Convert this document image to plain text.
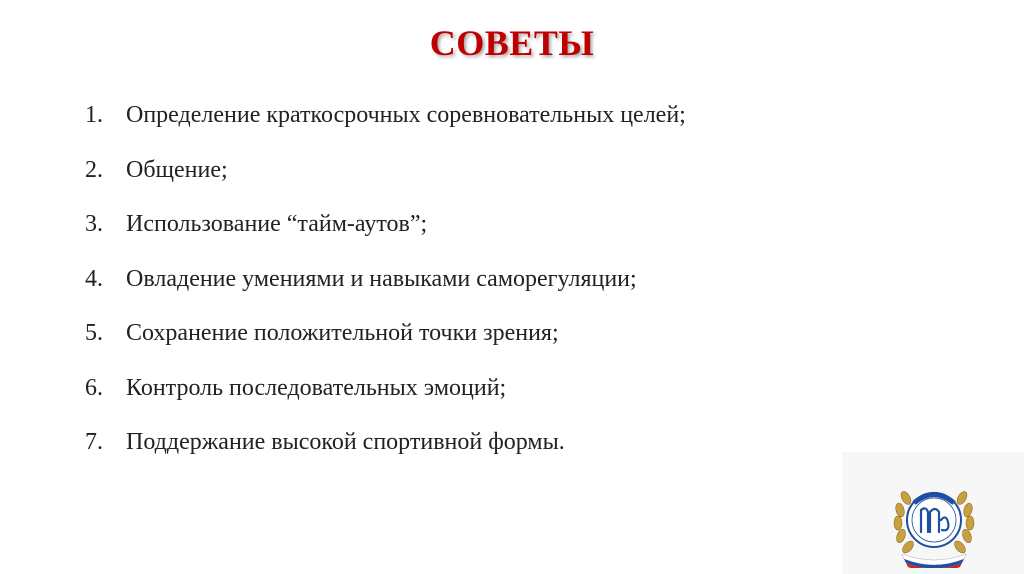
СОВЕТЫ
1. Определение краткосрочных соревновательных целей;
2. Общение;
3. Использование “тайм-аутов”;
4. Овладение умениями и навыками саморегуляции;
5. Сохранение положительной точки зрения;
6. Контроль последовательных эмоций;
7. Поддержание высокой спортивной формы.
